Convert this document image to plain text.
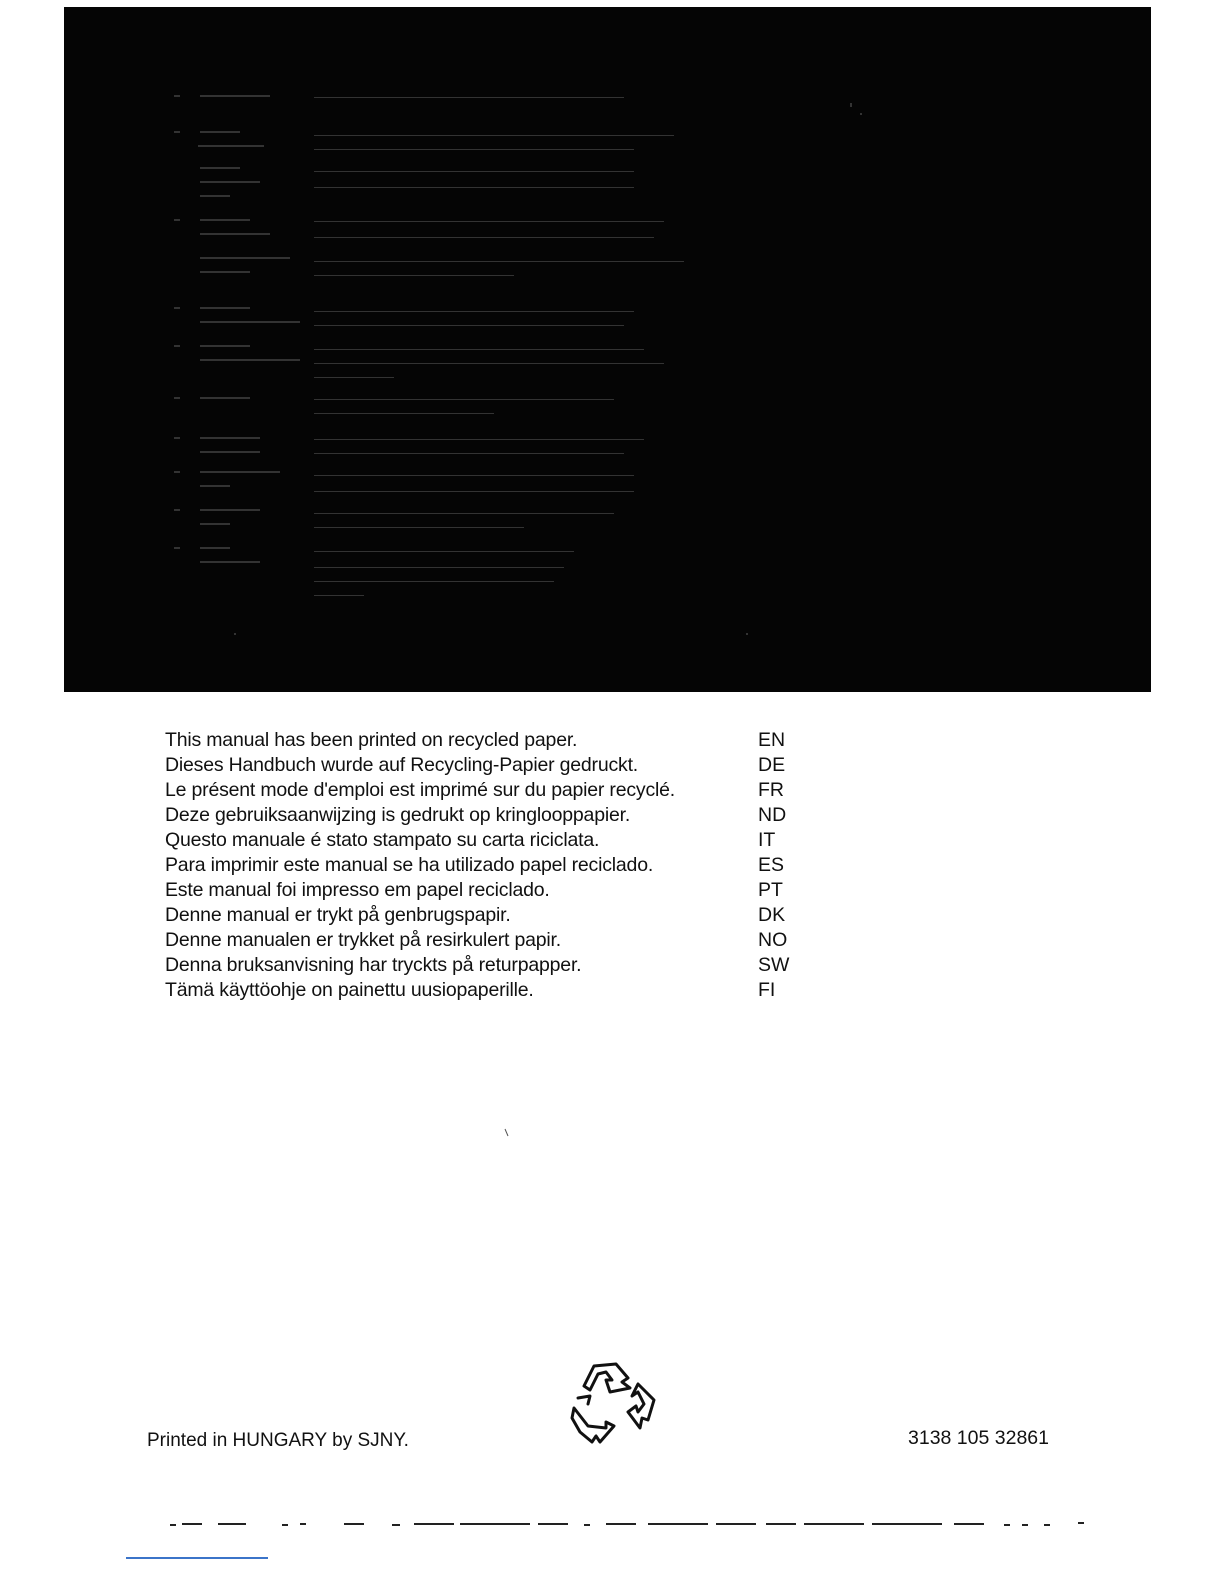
This manual has been printed on recycled paper.	EN
Dieses Handbuch wurde auf Recycling-Papier gedruckt.	DE
Le présent mode d'emploi est imprimé sur du papier recyclé.	FR
Deze gebruiksaanwijzing is gedrukt op kringlooppapier.	ND
Questo manuale é stato stampato su carta riciclata.	IT
Para imprimir este manual se ha utilizado papel reciclado.	ES
Este manual foi impresso em papel reciclado.	PT
Denne manual er trykt på genbrugspapir.	DK
Denne manualen er trykket på resirkulert papir.	NO
Denna bruksanvisning har tryckts på returpapper.	SW
Tämä käyttöohje on painettu uusiopaperille.	FI
Printed in HUNGARY by SJNY.	3138 105 32861
